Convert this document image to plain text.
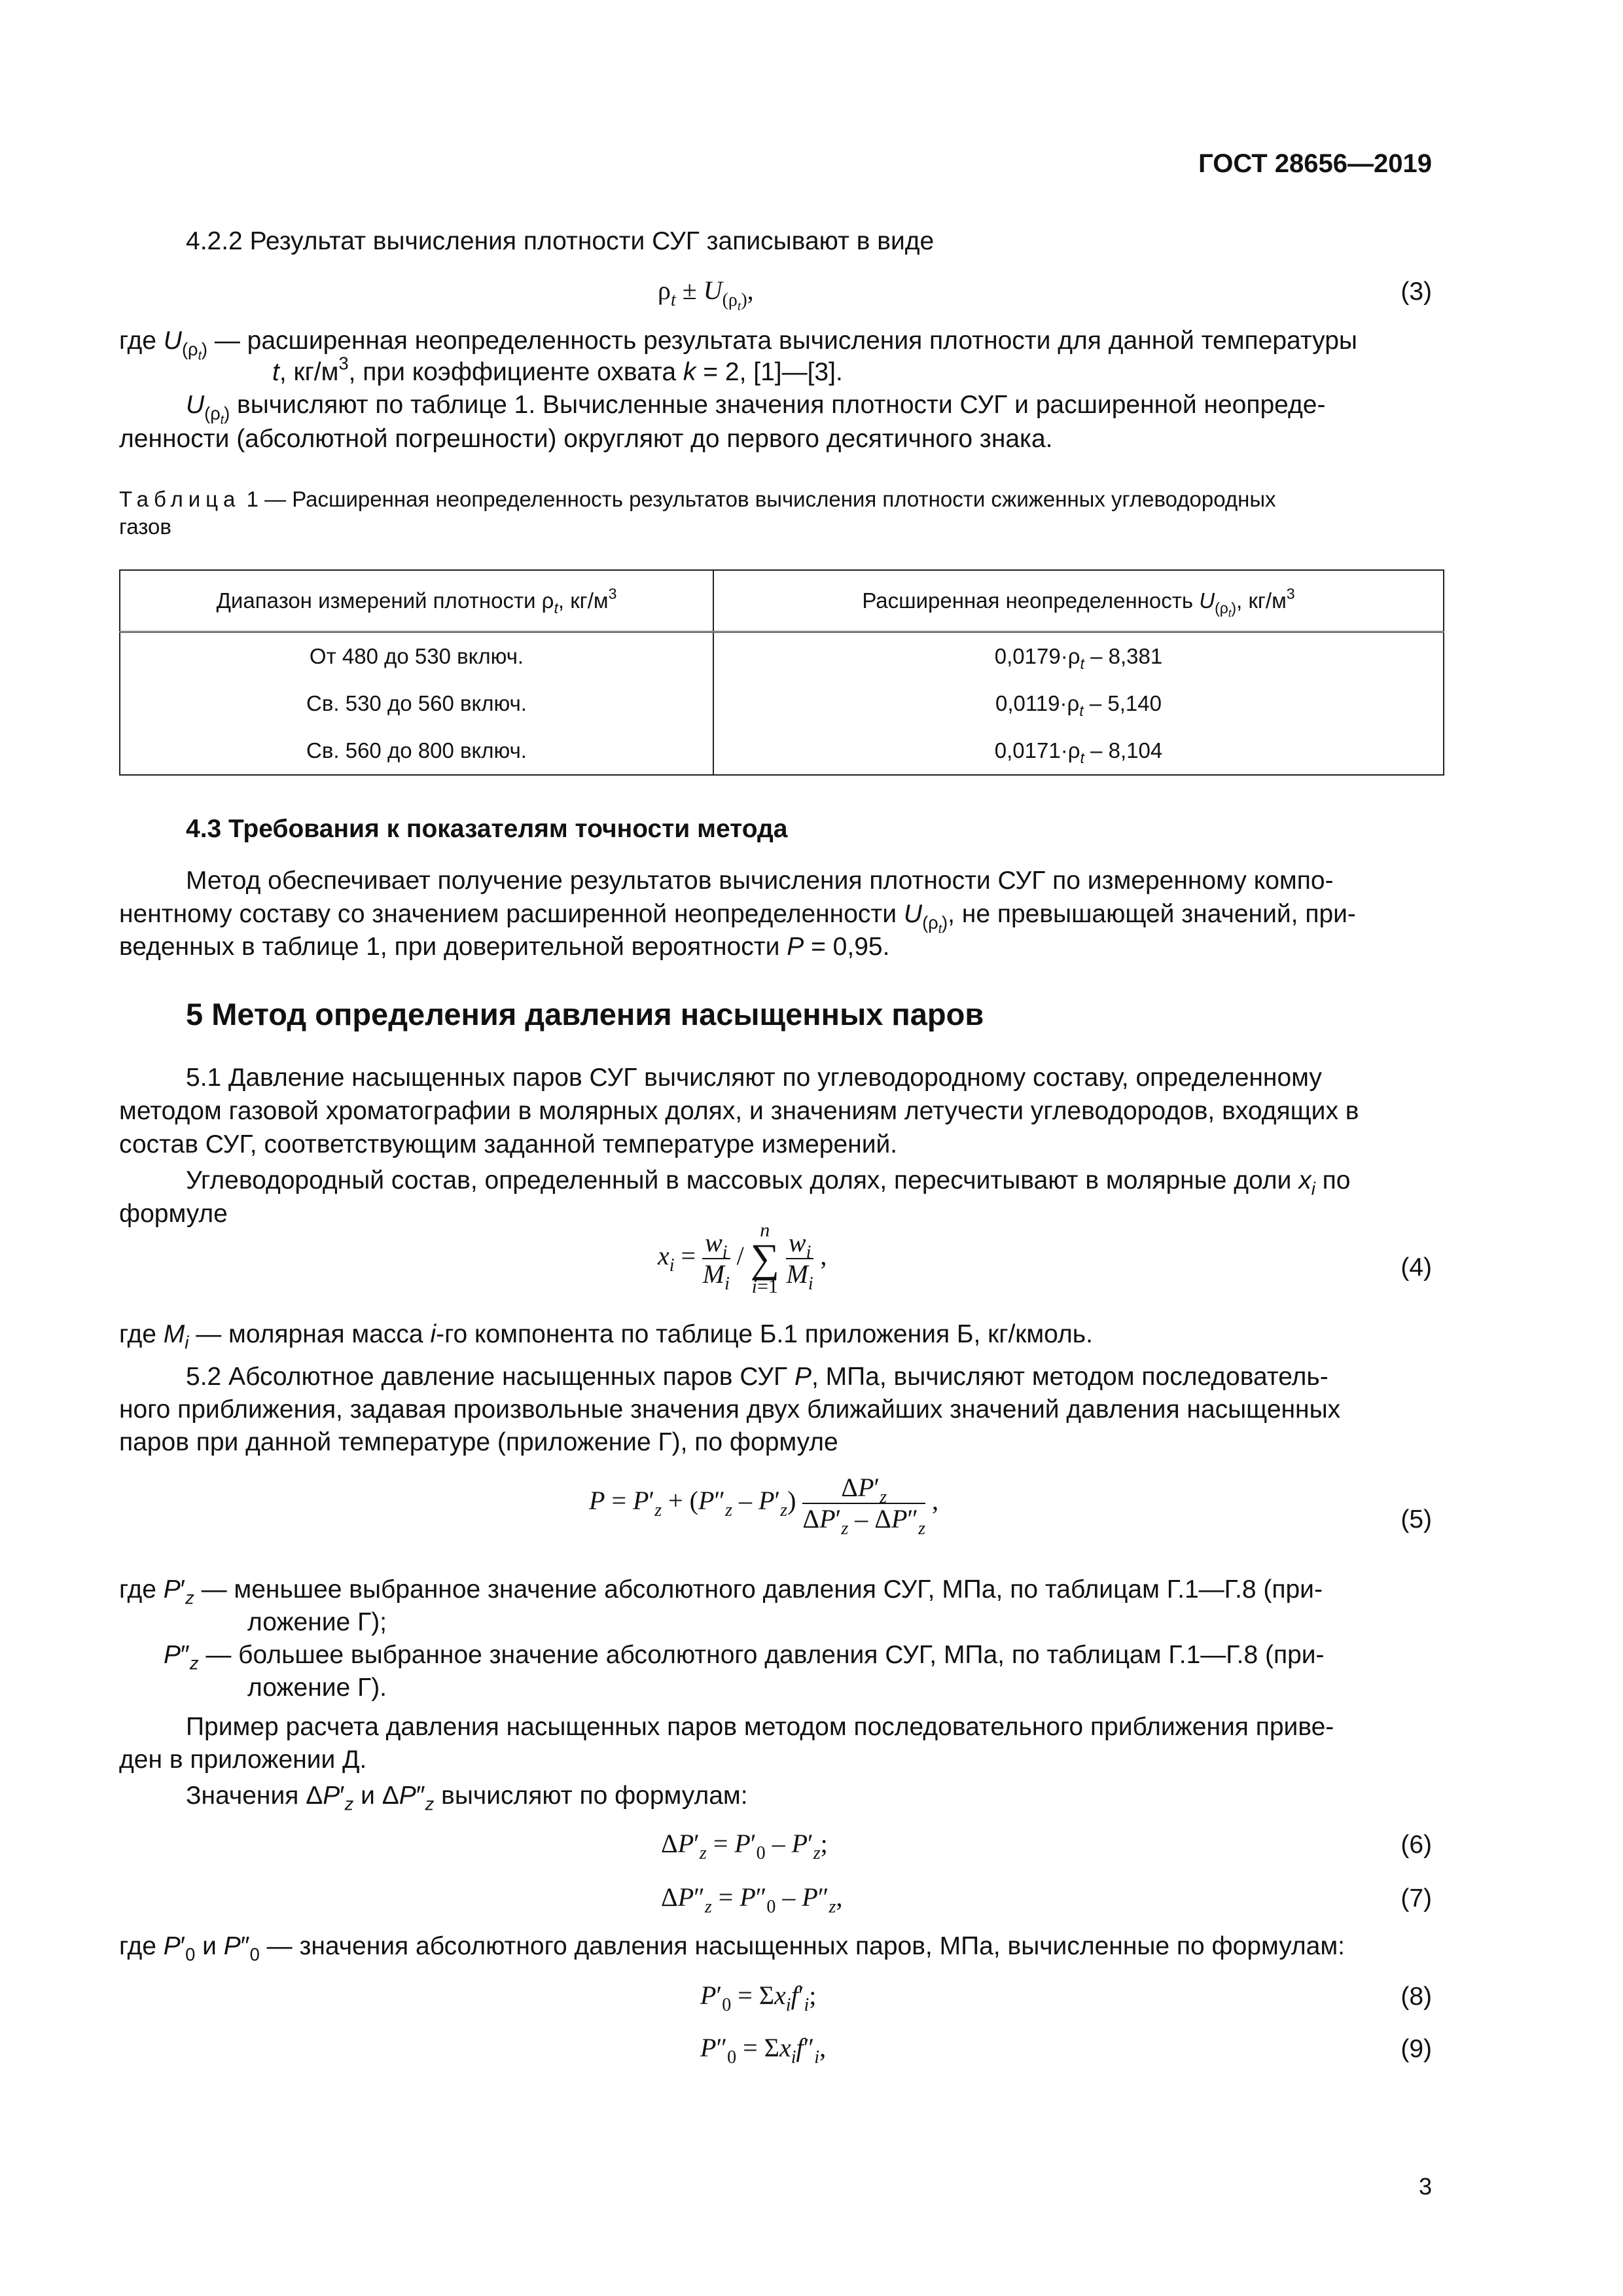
ГОСТ 28656—2019
4.2.2 Результат вычисления плотности СУГ записывают в виде
$\rho_t \pm U_{(\rho_t)}$,	(3)
где $U_{(\rho_t)}$ — расширенная неопределенность результата вычисления плотности для данной температуры
t, $кг/м^3$, при коэффициенте охвата k = 2, [1]—[3].
$U_{(\rho_t)}$ вычисляют по таблице 1. Вычисленные значения плотности СУГ и расширенной неопреде-
ленности (абсолютной погрешности) округляют до первого десятичного знака.
Таблица 1 — Расширенная неопределенность результатов вычисления плотности сжиженных углеводородных
газов
Диапазон измерений плотности $\rho_t$, $кг/м^3$	Расширенная неопределенность $U_{(\rho_t)}$, $кг/м^3$
От 480 до 530 включ.	$0,0179\cdot\rho_t - 8,381$
Св. 530 до 560 включ.	$0,0119\cdot\rho_t - 5,140$
Св. 560 до 800 включ.	$0,0171\cdot\rho_t - 8,104$
4.3 Требования к показателям точности метода
Метод обеспечивает получение результатов вычисления плотности СУГ по измеренному компо-
нентному составу со значением расширенной неопределенности $U_{(\rho_t)}$, не превышающей значений, при-
веденных в таблице 1, при доверительной вероятности P = 0,95.
5 Метод определения давления насыщенных паров
5.1 Давление насыщенных паров СУГ вычисляют по углеводородному составу, определенному
методом газовой хроматографии в молярных долях, и значениям летучести углеводородов, входящих в
состав СУГ, соответствующим заданной температуре измерений.
Углеводородный состав, определенный в массовых долях, пересчитывают в молярные доли $x_i$ по
формуле
$x_i = \frac{w_i}{M_i} / n$
∑
$i=1 \frac{w_i}{M_i}$ ,	(4)
где $M_i$ — молярная масса i-го компонента по таблице Б.1 приложения Б, кг/кмоль.
5.2 Абсолютное давление насыщенных паров СУГ P, МПа, вычисляют методом последователь-
ного приближения, задавая произвольные значения двух ближайших значений давления насыщенных
паров при данной температуре (приложение Г), по формуле
$P = P'_z + (P''_z - P'_z) \frac{\Delta P'_z}{\Delta P'_z - \Delta P''_z}$ ,
(5)
где $P'_z$ — меньшее выбранное значение абсолютного давления СУГ, МПа, по таблицам Г.1—Г.8 (при-
ложение Г);
$P''_z$ — большее выбранное значение абсолютного давления СУГ, МПа, по таблицам Г.1—Г.8 (при-
ложение Г).
Пример расчета давления насыщенных паров методом последовательного приближения приве-
ден в приложении Д.
Значения $\Delta P'_z$ и $\Delta P''_z$ вычисляют по формулам:
$\Delta P'_z = P'_0 - P'_z$;	(6)
$\Delta P''_z = P''_0 - P''_z$,	(7)
где $P'_0$ и $P''_0$ — значения абсолютного давления насыщенных паров, МПа, вычисленные по формулам:
$P'_0 = \Sigma x_if'_i$;	(8)
$P''_0 = \Sigma x_if''_i$,	(9)
3
